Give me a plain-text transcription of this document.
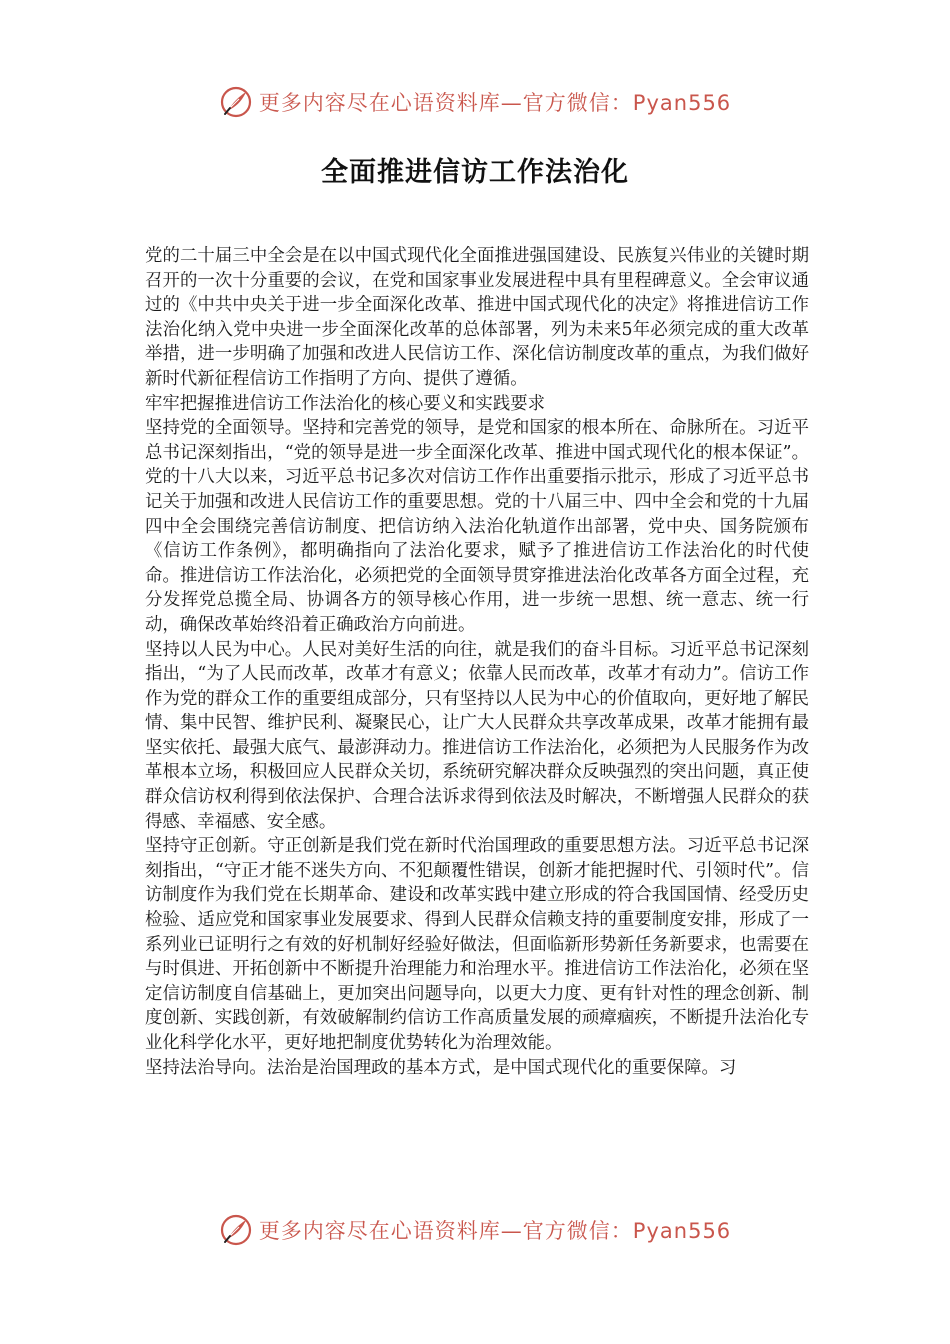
更多内容尽在心语资料库—官方微信：Pyan556
全面推进信访工作法治化

党的二十届三中全会是在以中国式现代化全面推进强国建设、民族复兴伟业的关键时期召开的一次十分重要的会议，在党和国家事业发展进程中具有里程碑意义。全会审议通过的《中共中央关于进一步全面深化改革、推进中国式现代化的决定》将推进信访工作法治化纳入党中央进一步全面深化改革的总体部署，列为未来5年必须完成的重大改革举措，进一步明确了加强和改进人民信访工作、深化信访制度改革的重点，为我们做好新时代新征程信访工作指明了方向、提供了遵循。

牢牢把握推进信访工作法治化的核心要义和实践要求

坚持党的全面领导。坚持和完善党的领导，是党和国家的根本所在、命脉所在。习近平总书记深刻指出，“党的领导是进一步全面深化改革、推进中国式现代化的根本保证”。党的十八大以来，习近平总书记多次对信访工作作出重要指示批示，形成了习近平总书记关于加强和改进人民信访工作的重要思想。党的十八届三中、四中全会和党的十九届四中全会围绕完善信访制度、把信访纳入法治化轨道作出部署，党中央、国务院颁布《信访工作条例》，都明确指向了法治化要求，赋予了推进信访工作法治化的时代使命。推进信访工作法治化，必须把党的全面领导贯穿推进法治化改革各方面全过程，充分发挥党总揽全局、协调各方的领导核心作用，进一步统一思想、统一意志、统一行动，确保改革始终沿着正确政治方向前进。

坚持以人民为中心。人民对美好生活的向往，就是我们的奋斗目标。习近平总书记深刻指出，“为了人民而改革，改革才有意义；依靠人民而改革，改革才有动力”。信访工作作为党的群众工作的重要组成部分，只有坚持以人民为中心的价值取向，更好地了解民情、集中民智、维护民利、凝聚民心，让广大人民群众共享改革成果，改革才能拥有最坚实依托、最强大底气、最澎湃动力。推进信访工作法治化，必须把为人民服务作为改革根本立场，积极回应人民群众关切，系统研究解决群众反映强烈的突出问题，真正使群众信访权利得到依法保护、合理合法诉求得到依法及时解决，不断增强人民群众的获得感、幸福感、安全感。

坚持守正创新。守正创新是我们党在新时代治国理政的重要思想方法。习近平总书记深刻指出，“守正才能不迷失方向、不犯颠覆性错误，创新才能把握时代、引领时代”。信访制度作为我们党在长期革命、建设和改革实践中建立形成的符合我国国情、经受历史检验、适应党和国家事业发展要求、得到人民群众信赖支持的重要制度安排，形成了一系列业已证明行之有效的好机制好经验好做法，但面临新形势新任务新要求，也需要在与时俱进、开拓创新中不断提升治理能力和治理水平。推进信访工作法治化，必须在坚定信访制度自信基础上，更加突出问题导向，以更大力度、更有针对性的理念创新、制度创新、实践创新，有效破解制约信访工作高质量发展的顽瘴痼疾，不断提升法治化专业化科学化水平，更好地把制度优势转化为治理效能。

坚持法治导向。法治是治国理政的基本方式，是中国式现代化的重要保障。习

更多内容尽在心语资料库—官方微信：Pyan556
